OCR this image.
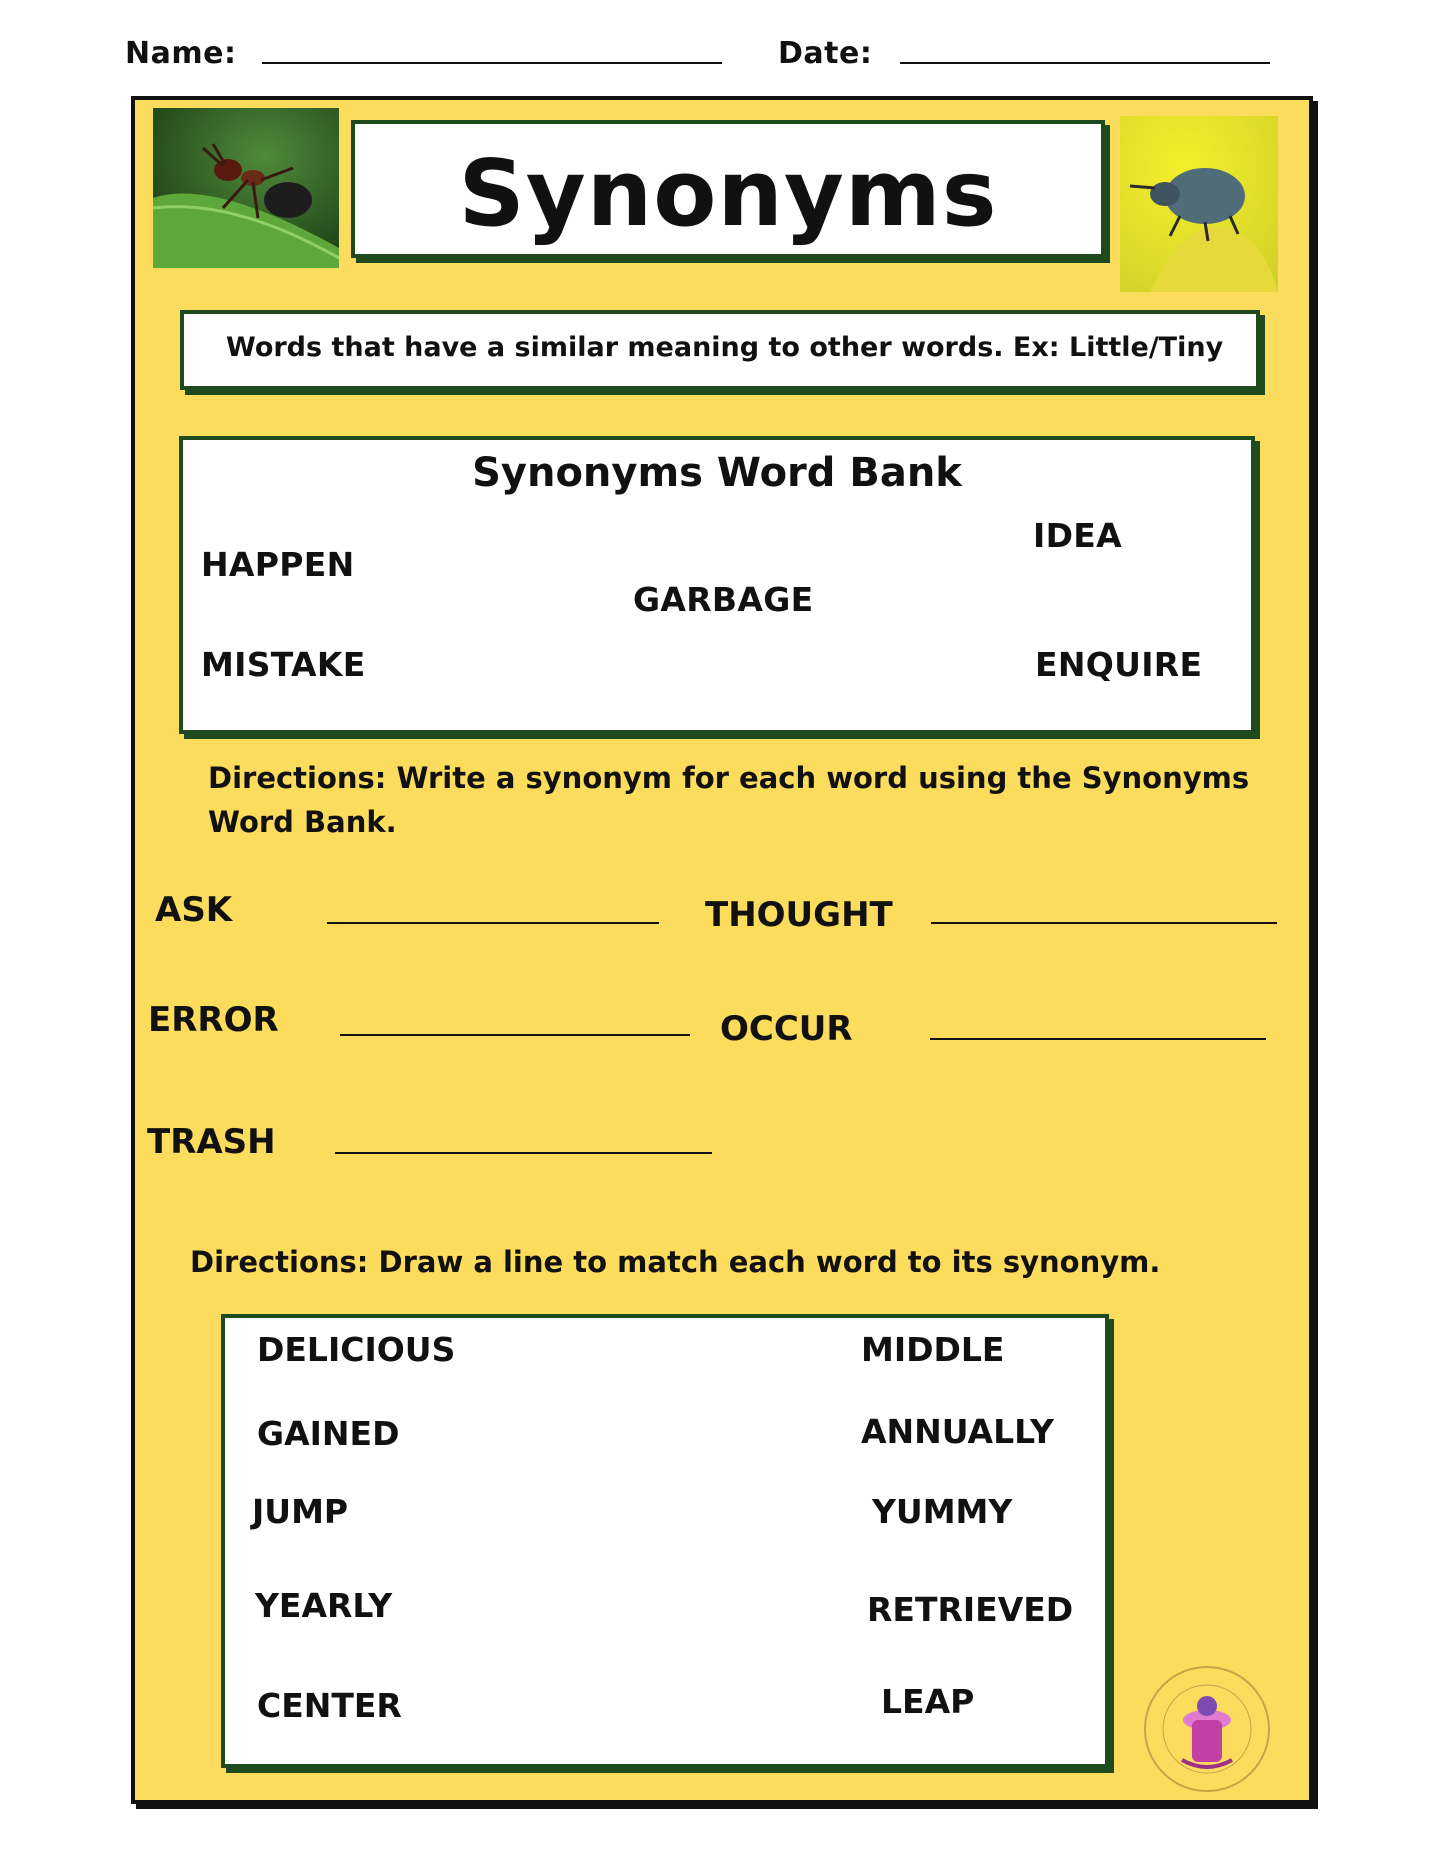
Name:	Date:
Synonyms
Words that have a similar meaning to other words. Ex: Little/Tiny
Synonyms Word Bank
HAPPEN
IDEA
GARBAGE
MISTAKE	ENQUIRE
Directions: Write a synonym for each word using the Synonyms
Word Bank.
ASK	THOUGHT
ERROR	OCCUR
TRASH
Directions: Draw a line to match each word to its synonym.
DELICIOUS
GAINED
JUMP
YEARLY
CENTER
MIDDLE
ANNUALLY
YUMMY
RETRIEVED
LEAP
